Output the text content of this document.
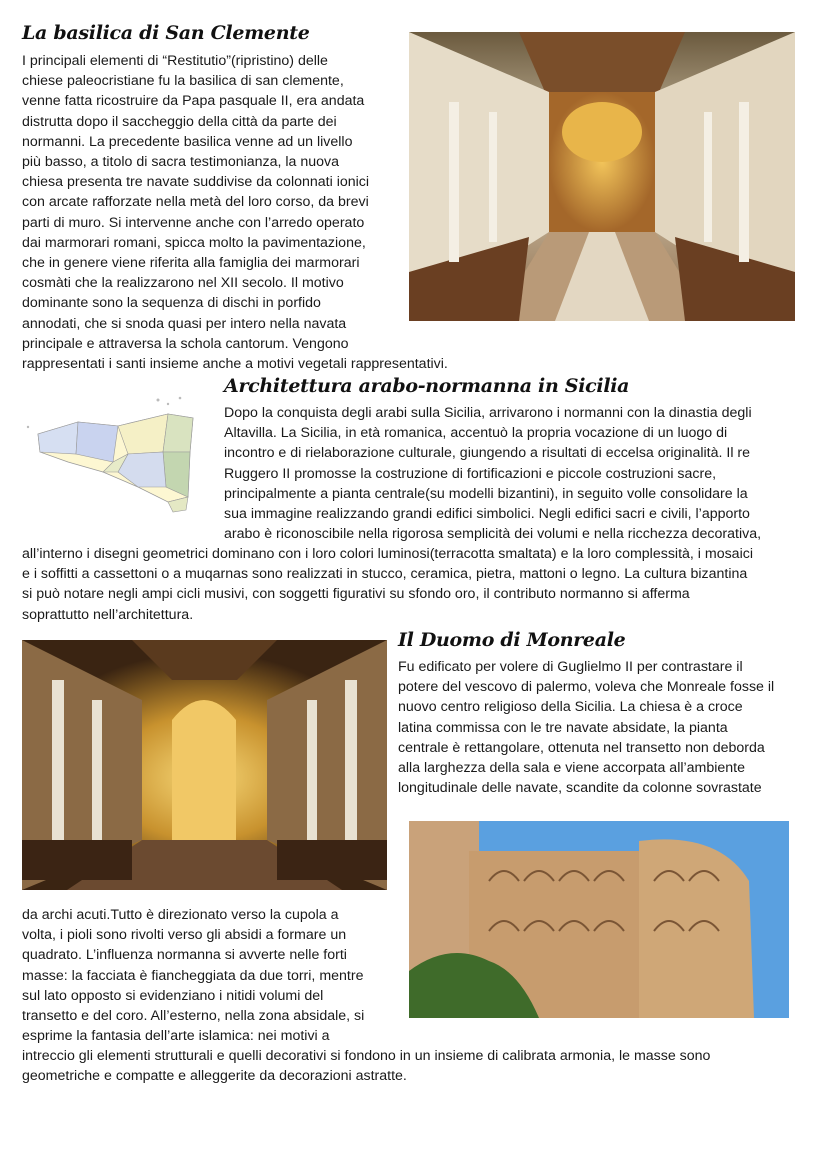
La basilica di San Clemente
I principali elementi di “Restitutio”(ripristino) delle
chiese paleocristiane fu la basilica di san clemente,
venne fatta ricostruire da Papa pasquale II, era andata
distrutta dopo il saccheggio della città da parte dei
normanni. La precedente basilica venne ad un livello
più basso, a titolo di sacra testimonianza, la nuova
chiesa presenta tre navate suddivise da colonnati ionici
con arcate rafforzate nella metà del loro corso, da brevi
parti di muro. Si intervenne anche con l’arredo operato
dai marmorari romani, spicca molto la pavimentazione,
che in genere viene riferita alla famiglia dei marmorari
cosmàti che la realizzarono nel XII secolo. Il motivo
dominante sono la sequenza di dischi in porfido
annodati, che si snoda quasi per intero nella navata
principale e attraversa la schola cantorum. Vengono
rappresentati i santi insieme anche a motivi vegetali rappresentativi.
Architettura arabo-normanna in Sicilia
Dopo la conquista degli arabi sulla Sicilia, arrivarono i normanni con la dinastia degli
Altavilla. La Sicilia, in età romanica, accentuò la propria vocazione di un luogo di
incontro e di rielaborazione culturale, giungendo a risultati di eccelsa originalità. Il re
Ruggero II promosse la costruzione di fortificazioni e piccole costruzioni sacre,
principalmente a pianta centrale(su modelli bizantini), in seguito volle consolidare la
sua immagine realizzando grandi edifici simbolici. Negli edifici sacri e civili, l’apporto
arabo è riconoscibile nella rigorosa semplicità dei volumi e nella ricchezza decorativa,
all’interno i disegni geometrici dominano con i loro colori luminosi(terracotta smaltata) e la loro complessità, i mosaici
e i soffitti a cassettoni o a muqarnas sono realizzati in stucco, ceramica, pietra, mattoni o legno. La cultura bizantina
si può notare negli ampi cicli musivi, con soggetti figurativi su sfondo oro, il contributo normanno si afferma
soprattutto nell’architettura.
Il Duomo di Monreale
Fu edificato per volere di Guglielmo II per contrastare il
potere del vescovo di palermo, voleva che Monreale fosse il
nuovo centro religioso della Sicilia. La chiesa è a croce
latina commissa con le tre navate absidate, la pianta
centrale è rettangolare, ottenuta nel transetto non deborda
alla larghezza della sala e viene accorpata all’ambiente
longitudinale delle navate, scandite da colonne sovrastate
da archi acuti.Tutto è direzionato verso la cupola a
volta, i pioli sono rivolti verso gli absidi a formare un
quadrato. L’influenza normanna si avverte nelle forti
masse: la facciata è fiancheggiata da due torri, mentre
sul lato opposto si evidenziano i nitidi volumi del
transetto e del coro. All’esterno, nella zona absidale, si
esprime la fantasia dell’arte islamica: nei motivi a
intreccio gli elementi strutturali e quelli decorativi si fondono in un insieme di calibrata armonia, le masse sono
geometriche e compatte e alleggerite da decorazioni astratte.
